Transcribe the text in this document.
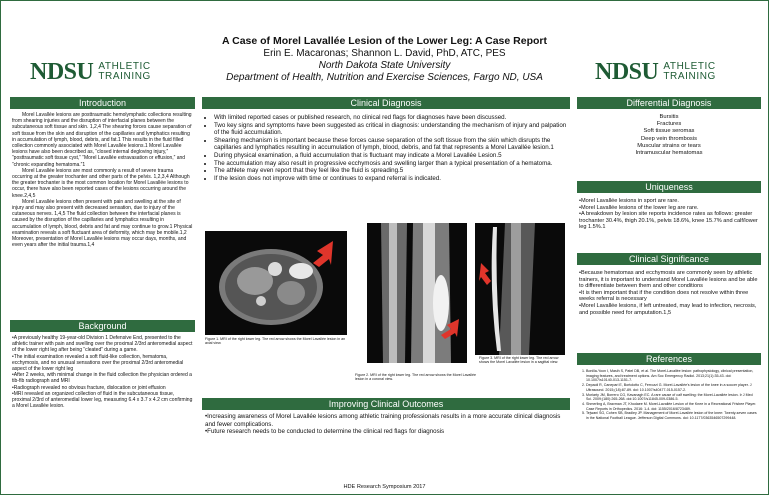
NDSU ATHLETIC
TRAINING	NDSU ATHLETIC
TRAINING
A Case of Morel Lavallée Lesion of the Lower Leg: A Case Report
Erin E. Macaronas; Shannon L. David, PhD, ATC, PES
North Dakota State University
Department of Health, Nutrition and Exercise Sciences, Fargo ND, USA
Introduction

Morel Lavallée lesions are posttraumatic hemolymphatic collections resulting from shearing injuries and the disruption of interfacial planes between the subcutaneous soft tissue and skin. 1,2,4 The shearing forces cause separation of soft tissue from the skin and disruption of the capillaries and lymphatics resulting in accumulation of lymph, blood, debris, and fat.1 This results in the fluid filled collection commonly associated with Morel Lavallée lesions.1 Morel Lavallée lesions have also been described as, “closed internal degloving injury,” “posttraumatic soft tissue cyst,” “Morel Lavallée extravasation or effusion,” and “chronic expanding hematoma.”1

Morel Lavallée lesions are most commonly a result of severe trauma occurring at the greater trochanter and other parts of the pelvis. 1,2,3,4 Although the greater trochanter is the most common location for Morel Lavallée lesions to occur, there have also been reported cases of the lesions occurring around the knee.2,4,5

Morel Lavallée lesions often present with pain and swelling at the site of injury and may also present with decreased sensation, due to injury of the cutaneous nerves. 1,4,5 The fluid collection between the interfacial planes is caused by the disruption of the capillaries and lymphatics resulting in accumulation of lymph, blood, debris and fat and may continue to grow.1 Physical examination reveals a soft fluctuant area of deformity, which may be mobile.1,2 Moreover, presentation of Morel Lavallée lesions may occur days, months, and even years after the initial trauma.1,4

Background
•A previously healthy 19-year-old Division 1 Defensive End, presented to the athletic trainer with pain and swelling over the proximal 2/3rd anteromedial aspect of the lower right leg after being “cleated” during a game.
•The initial examination revealed a soft fluid-like collection, hematoma, ecchymosis, and no unusual sensations over the proximal 2/3rd anteromedial aspect of the lower right leg
•After 2 weeks, with minimal change in the fluid collection the physician ordered a tib-fib radiograph and MRI
•Radiograph revealed no obvious fracture, dislocation or joint effusion
•MRI revealed an organized collection of fluid in the subcutaneous tissue, proximal 2/3rd of anteromedial lower leg, measuring 6.4 x 3.7 x 4.2 cm confirming a Morel Lavallée lesion.
Clinical Diagnosis
• With limited reported cases or published research, no clinical red flags for diagnoses have been discussed.
• Two key signs and symptoms have been suggested as critical in diagnosis: understanding the mechanism of injury and palpation of the fluid accumulation.
• Shearing mechanism is important because these forces cause separation of the soft tissue from the skin which disrupts the capillaries and lymphatics resulting in accumulation of lymph, blood, debris, and fat that represents a Morel Lavallée lesion.1
• During physical examination, a fluid accumulation that is fluctuant may indicate a Morel Lavallée Lesion.5
• The accumulation may also result in progressive ecchymosis and swelling larger than a typical presentation of a hematoma.
• The athlete may even report that they feel like the fluid is spreading.5
• If the lesion does not improve with time or continues to expand referral is indicated.
Figure 1. MRI of the right lower leg. The red arrow shows the Morel Lavallée lesion in an axial view.
Figure 2. MRI of the right lower leg. The red arrow shows the Morel Lavallée lesion in a coronal view.
Figure 3. MRI of the right lower leg. The red arrow shows the Morel Lavallée lesion in a sagittal view.
Improving Clinical Outcomes
•Increasing awareness of Morel Lavallée lesions among athletic training professionals results in a more accurate clinical diagnosis and fewer complications.
•Future research needs to be conducted to determine the clinical red flags for diagnosis
Differential Diagnosis
Bursitis
Fractures
Soft tissue seromas
Deep vein thrombosis
Muscular strains or tears
Intramuscular hematomas
Uniqueness
•Morel Lavallée lesions in sport are rare.
•Morel Lavallée lesions of the lower leg are rare.
•A breakdown by lesion site reports incidence rates as follows: greater trochanter 30.4%, thigh 20.1%, pelvis 18.6%, knee 15.7% and calf/lower leg 1.5%.1
Clinical Significance
•Because hematomas and ecchymosis are commonly seen by athletic trainers, it is important to understand Morel Lavallée lesions and be able to differentiate between them and other conditions
•It is then important that if the condition does not resolve within three weeks referral is necessary
•Morel Lavallée lesions, if left untreated, may lead to infection, necrosis, and possible need for amputation.1,5
References
1. Bonilla-Yoon I, Masih S, Patel DB, et al. The Morel-Lavallée lesion: pathophysiology, clinical presentation, imaging features, and treatment options. Am Soc Emergency Radiol. 2013;21(1):35-43. doi: 10.1007/s10140-013-1151-7.
2. Depaoli R, Canepari E, Bortolotto C, Ferrozzi G. Morel-Lavallée’s lesion of the knee in a soccer player. J Ultrasound. 2015;(18):87-89. doi: 10.1007/s40477-015-0157-2.
3. Moriarty JM, Borrero CG, Kavanagh EC. A rare cause of calf swelling: the Morel-Lavallée lesion. Ir J Med Sci. 2009;(180):265-268. doi:10.1007/s11845-009-0386-5.
4. Shmerling A, Bravman JT, Khodaee M. Morel-Lavallée Lesion of the Knee in a Recreational Frisbee Player. Case Reports in Orthopedics. 2016: 1-4. doi: 1155/2016/8723489.
5. Tejwani SG, Cohen SB, Bradley JP. Management of Morel-Lavallée lesion of the knee: Twenty-seven cases in the National Football League. Jefferson Digital Commons. doi: 10.1177/0363546507299448.
HDE Research Symposium 2017
